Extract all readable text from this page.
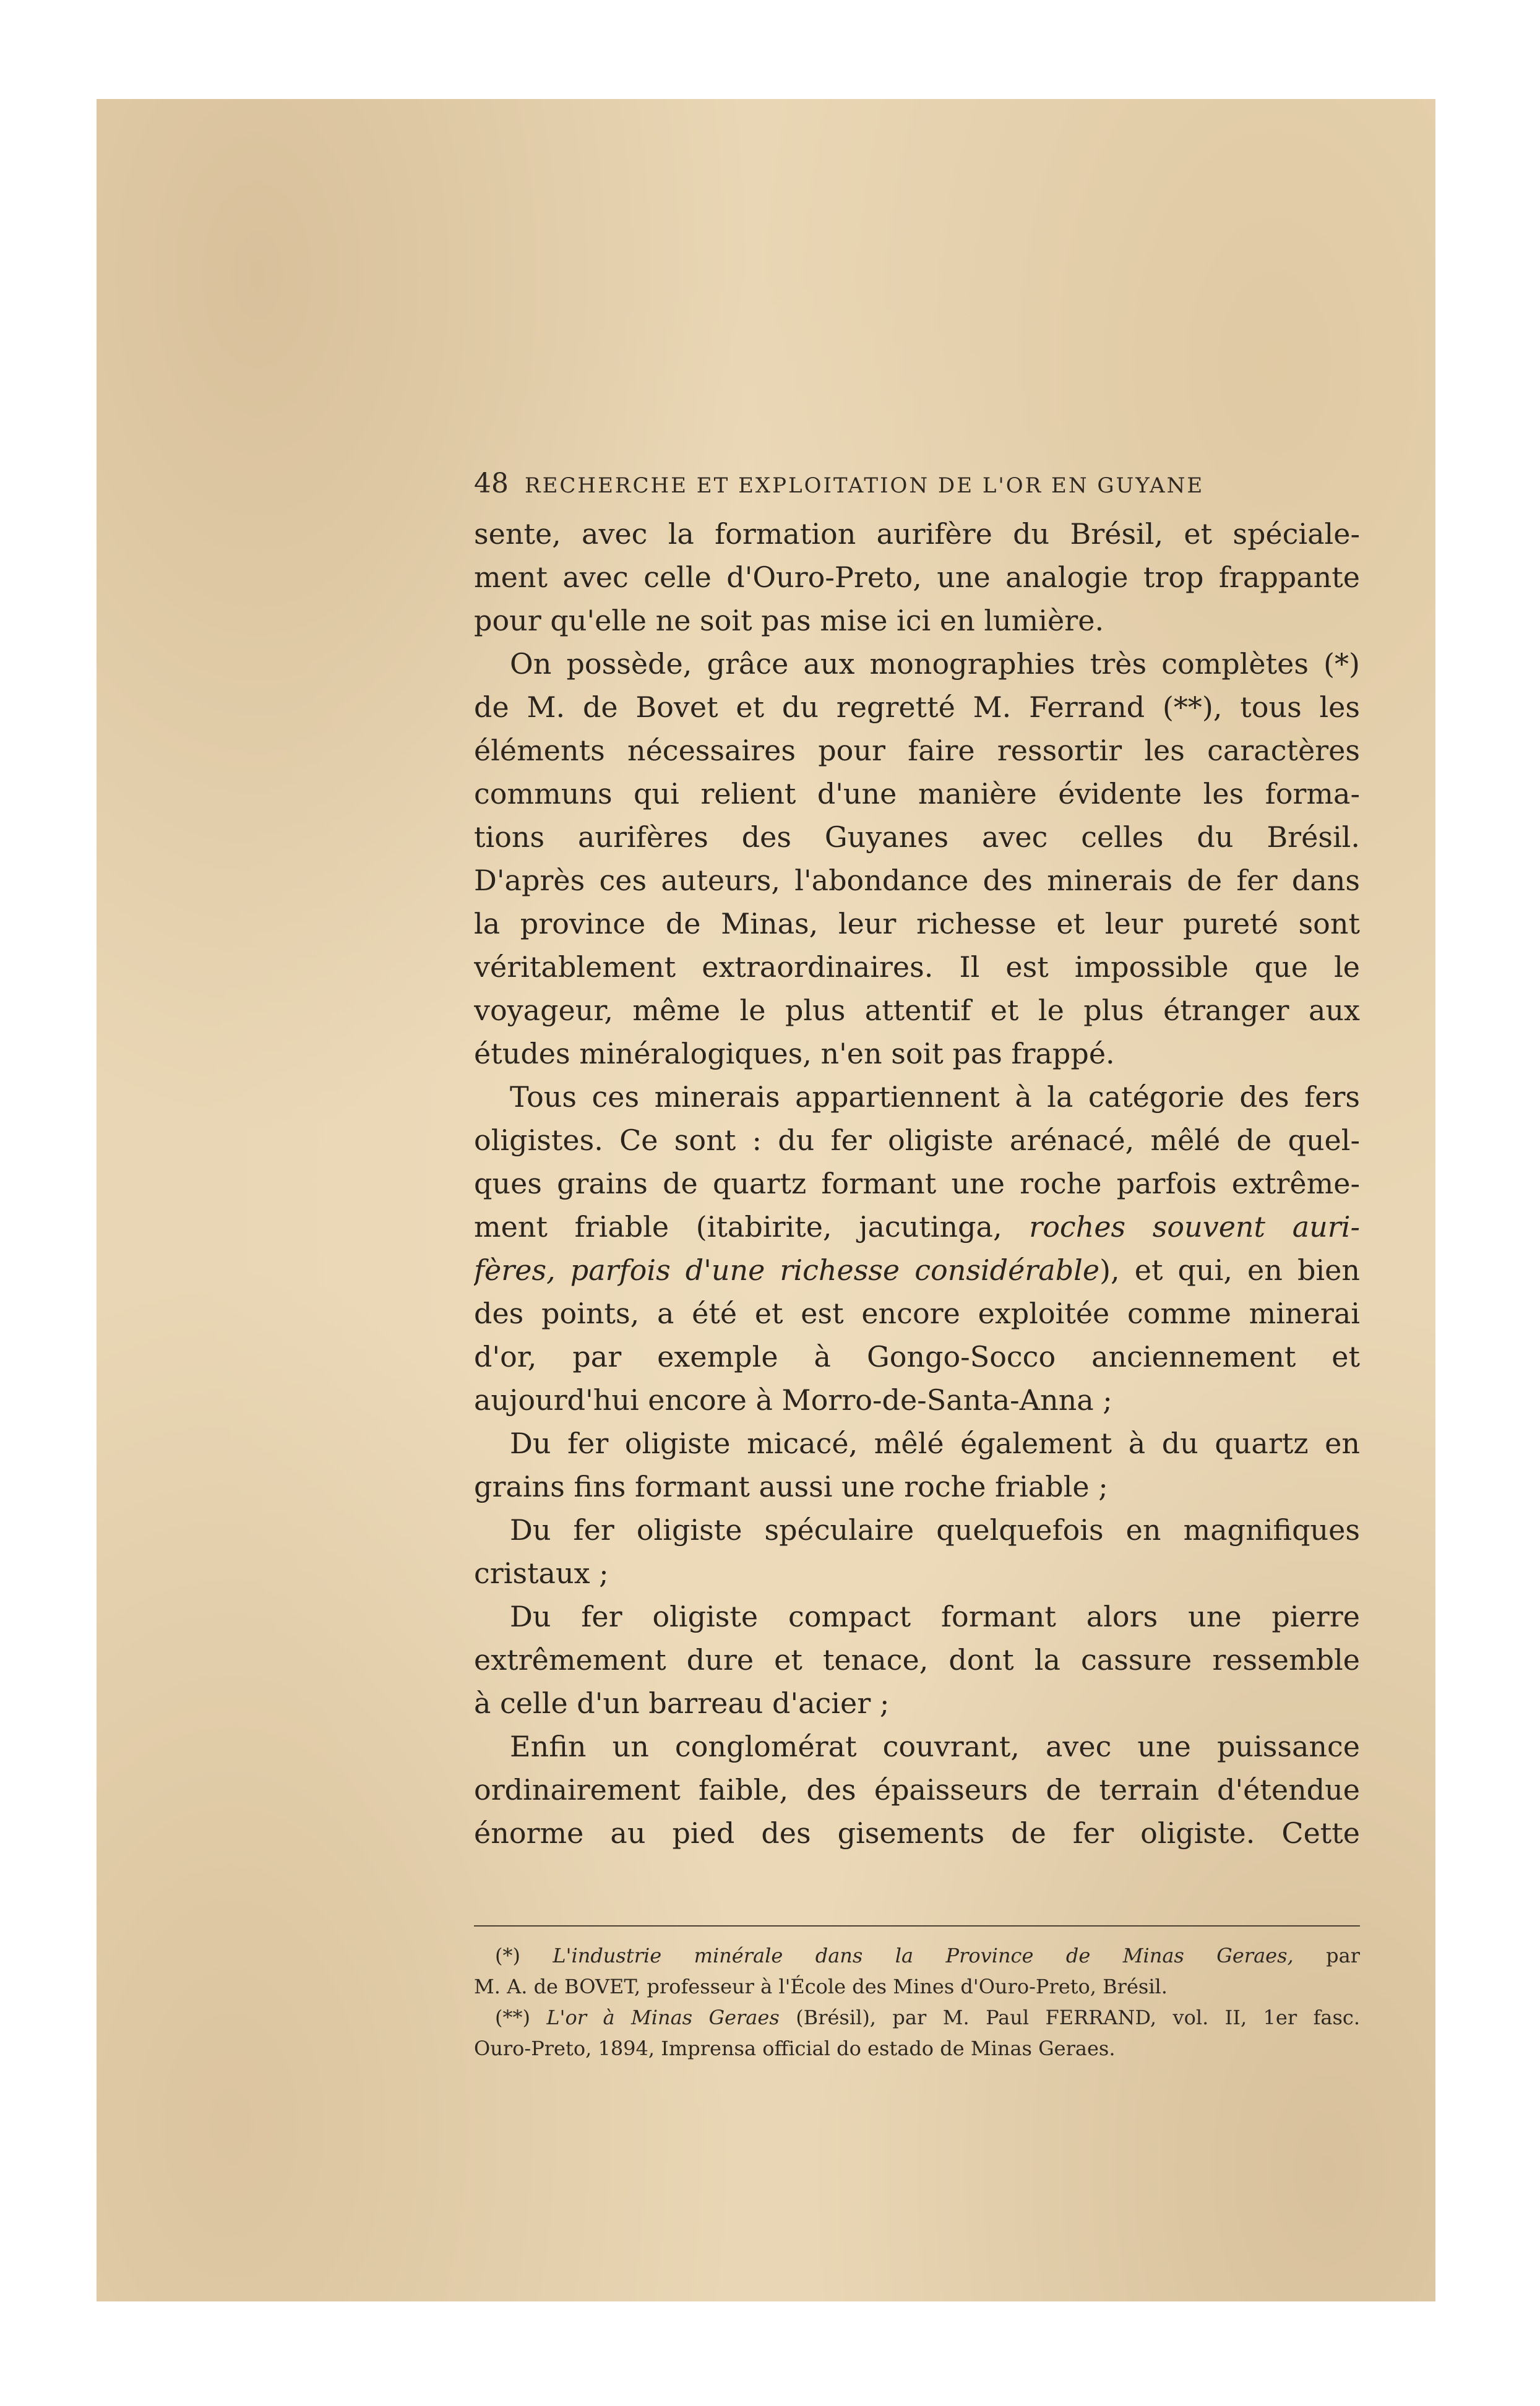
48 RECHERCHE ET EXPLOITATION DE L'OR EN GUYANE
sente, avec la formation aurifère du Brésil, et spéciale-
ment avec celle d'Ouro-Preto, une analogie trop frappante
pour qu'elle ne soit pas mise ici en lumière.
On possède, grâce aux monographies très complètes (*)
de M. de Bovet et du regretté M. Ferrand (**), tous les
éléments nécessaires pour faire ressortir les caractères
communs qui relient d'une manière évidente les forma-
tions aurifères des Guyanes avec celles du Brésil.
D'après ces auteurs, l'abondance des minerais de fer dans
la province de Minas, leur richesse et leur pureté sont
véritablement extraordinaires. Il est impossible que le
voyageur, même le plus attentif et le plus étranger aux
études minéralogiques, n'en soit pas frappé.
Tous ces minerais appartiennent à la catégorie des fers
oligistes. Ce sont : du fer oligiste arénacé, mêlé de quel-
ques grains de quartz formant une roche parfois extrême-
ment friable (itabirite, jacutinga, roches souvent auri-
fères, parfois d'une richesse considérable), et qui, en bien
des points, a été et est encore exploitée comme minerai
d'or, par exemple à Gongo-Socco anciennement et
aujourd'hui encore à Morro-de-Santa-Anna ;
Du fer oligiste micacé, mêlé également à du quartz en
grains fins formant aussi une roche friable ;
Du fer oligiste spéculaire quelquefois en magnifiques
cristaux ;
Du fer oligiste compact formant alors une pierre
extrêmement dure et tenace, dont la cassure ressemble
à celle d'un barreau d'acier ;
Enfin un conglomérat couvrant, avec une puissance
ordinairement faible, des épaisseurs de terrain d'étendue
énorme au pied des gisements de fer oligiste. Cette
(*) L'industrie minérale dans la Province de Minas Geraes, par
M. A. de BOVET, professeur à l'École des Mines d'Ouro-Preto, Brésil.
(**) L'or à Minas Geraes (Brésil), par M. Paul FERRAND, vol. II, 1er fasc.
Ouro-Preto, 1894, Imprensa official do estado de Minas Geraes.
